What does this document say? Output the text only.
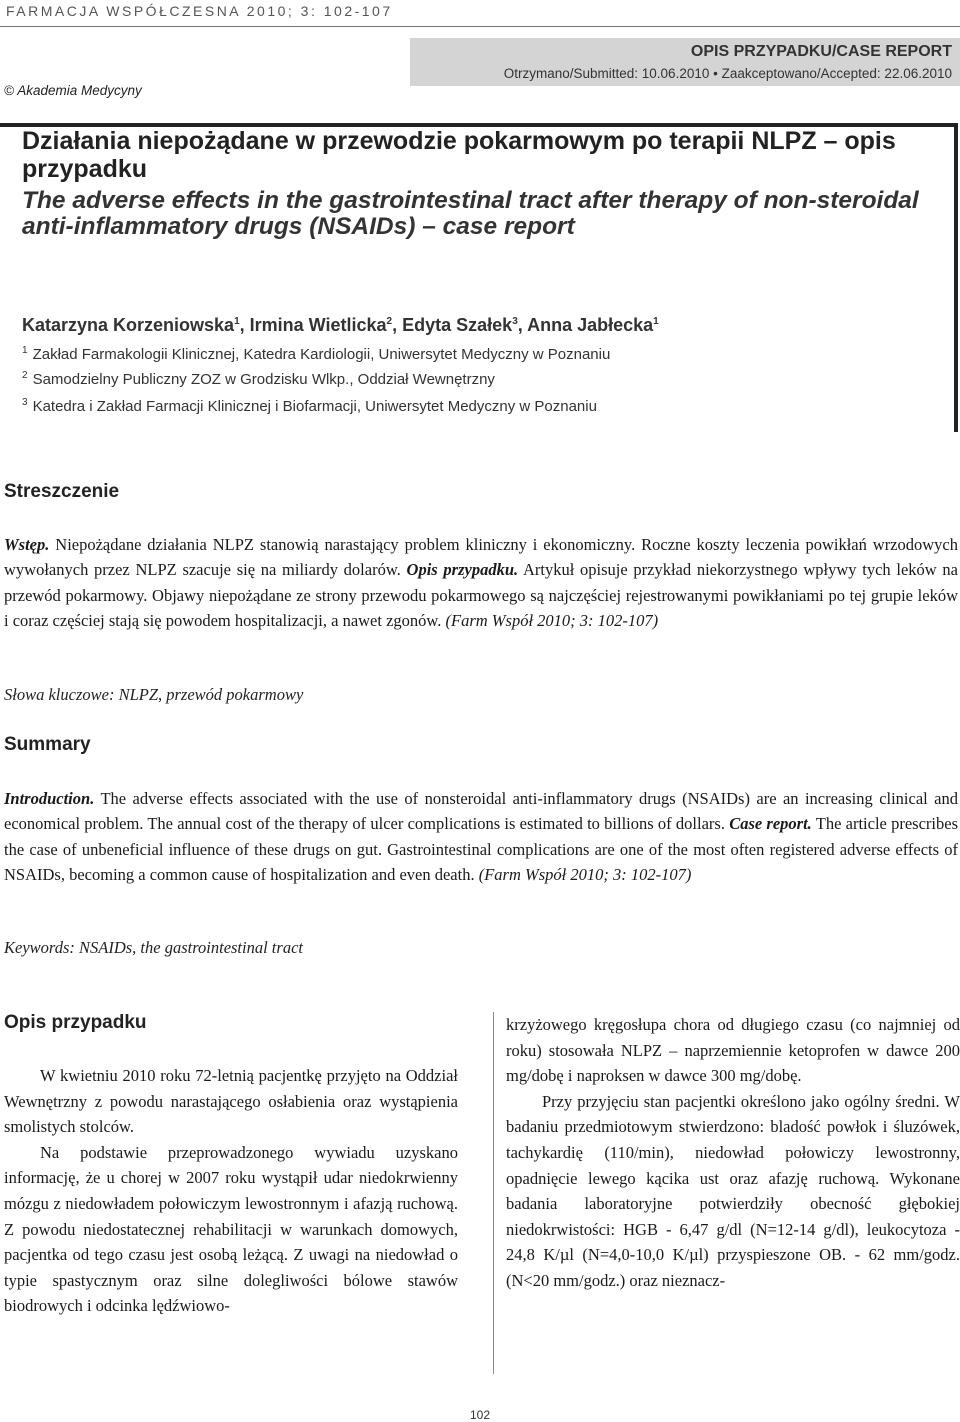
FARMACJA WSPÓŁCZESNA 2010; 3: 102-107
OPIS PRZYPADKU/CASE REPORT
Otrzymano/Submitted: 10.06.2010 • Zaakceptowano/Accepted: 22.06.2010
© Akademia Medycyny
Działania niepożądane w przewodzie pokarmowym po terapii NLPZ – opis przypadku
The adverse effects in the gastrointestinal tract after therapy of non-steroidal anti-inflammatory drugs (NSAIDs) – case report
Katarzyna Korzeniowska$^1$, Irmina Wietlicka$^2$, Edyta Szałek$^3$, Anna Jabłecka$^1$
$^1$ Zakład Farmakologii Klinicznej, Katedra Kardiologii, Uniwersytet Medyczny w Poznaniu
$^2$ Samodzielny Publiczny ZOZ w Grodzisku Wlkp., Oddział Wewnętrzny
$^3$ Katedra i Zakład Farmacji Klinicznej i Biofarmacji, Uniwersytet Medyczny w Poznaniu
Streszczenie
Wstęp. Niepożądane działania NLPZ stanowią narastający problem kliniczny i ekonomiczny. Roczne koszty leczenia powikłań wrzodowych wywołanych przez NLPZ szacuje się na miliardy dolarów. Opis przypadku. Artykuł opisuje przykład niekorzystnego wpływy tych leków na przewód pokarmowy. Objawy niepożądane ze strony przewodu pokarmowego są najczęściej rejestrowanymi powikłaniami po tej grupie leków i coraz częściej stają się powodem hospitalizacji, a nawet zgonów. (Farm Współ 2010; 3: 102-107)
Słowa kluczowe: NLPZ, przewód pokarmowy
Summary
Introduction. The adverse effects associated with the use of nonsteroidal anti-inflammatory drugs (NSAIDs) are an increasing clinical and economical problem. The annual cost of the therapy of ulcer complications is estimated to billions of dollars. Case report. The article prescribes the case of unbeneficial influence of these drugs on gut. Gastrointestinal complications are one of the most often registered adverse effects of NSAIDs, becoming a common cause of hospitalization and even death. (Farm Współ 2010; 3: 102-107)
Keywords: NSAIDs, the gastrointestinal tract
Opis przypadku

W kwietniu 2010 roku 72-letnią pacjentkę przyjęto na Oddział Wewnętrzny z powodu narastającego osłabienia oraz wystąpienia smolistych stolców.

Na podstawie przeprowadzonego wywiadu uzyskano informację, że u chorej w 2007 roku wystąpił udar niedokrwienny mózgu z niedowładem połowiczym lewostronnym i afazją ruchową. Z powodu niedostatecznej rehabilitacji w warunkach domowych, pacjentka od tego czasu jest osobą leżącą. Z uwagi na niedowład o typie spastycznym oraz silne dolegliwości bólowe stawów biodrowych i odcinka lędźwiowo-

krzyżowego kręgosłupa chora od długiego czasu (co najmniej od roku) stosowała NLPZ – naprzemiennie ketoprofen w dawce 200 mg/dobę i naproksen w dawce 300 mg/dobę.

Przy przyjęciu stan pacjentki określono jako ogólny średni. W badaniu przedmiotowym stwierdzono: bladość powłok i śluzówek, tachykardię (110/min), niedowład połowiczy lewostronny, opadnięcie lewego kącika ust oraz afazję ruchową. Wykonane badania laboratoryjne potwierdziły obecność głębokiej niedokrwistości: HGB - 6,47 g/dl (N=12-14 g/dl), leukocytoza - 24,8 K/µl (N=4,0-10,0 K/µl) przyspieszone OB. - 62 mm/godz. (N<20 mm/godz.) oraz nieznacz-

102
